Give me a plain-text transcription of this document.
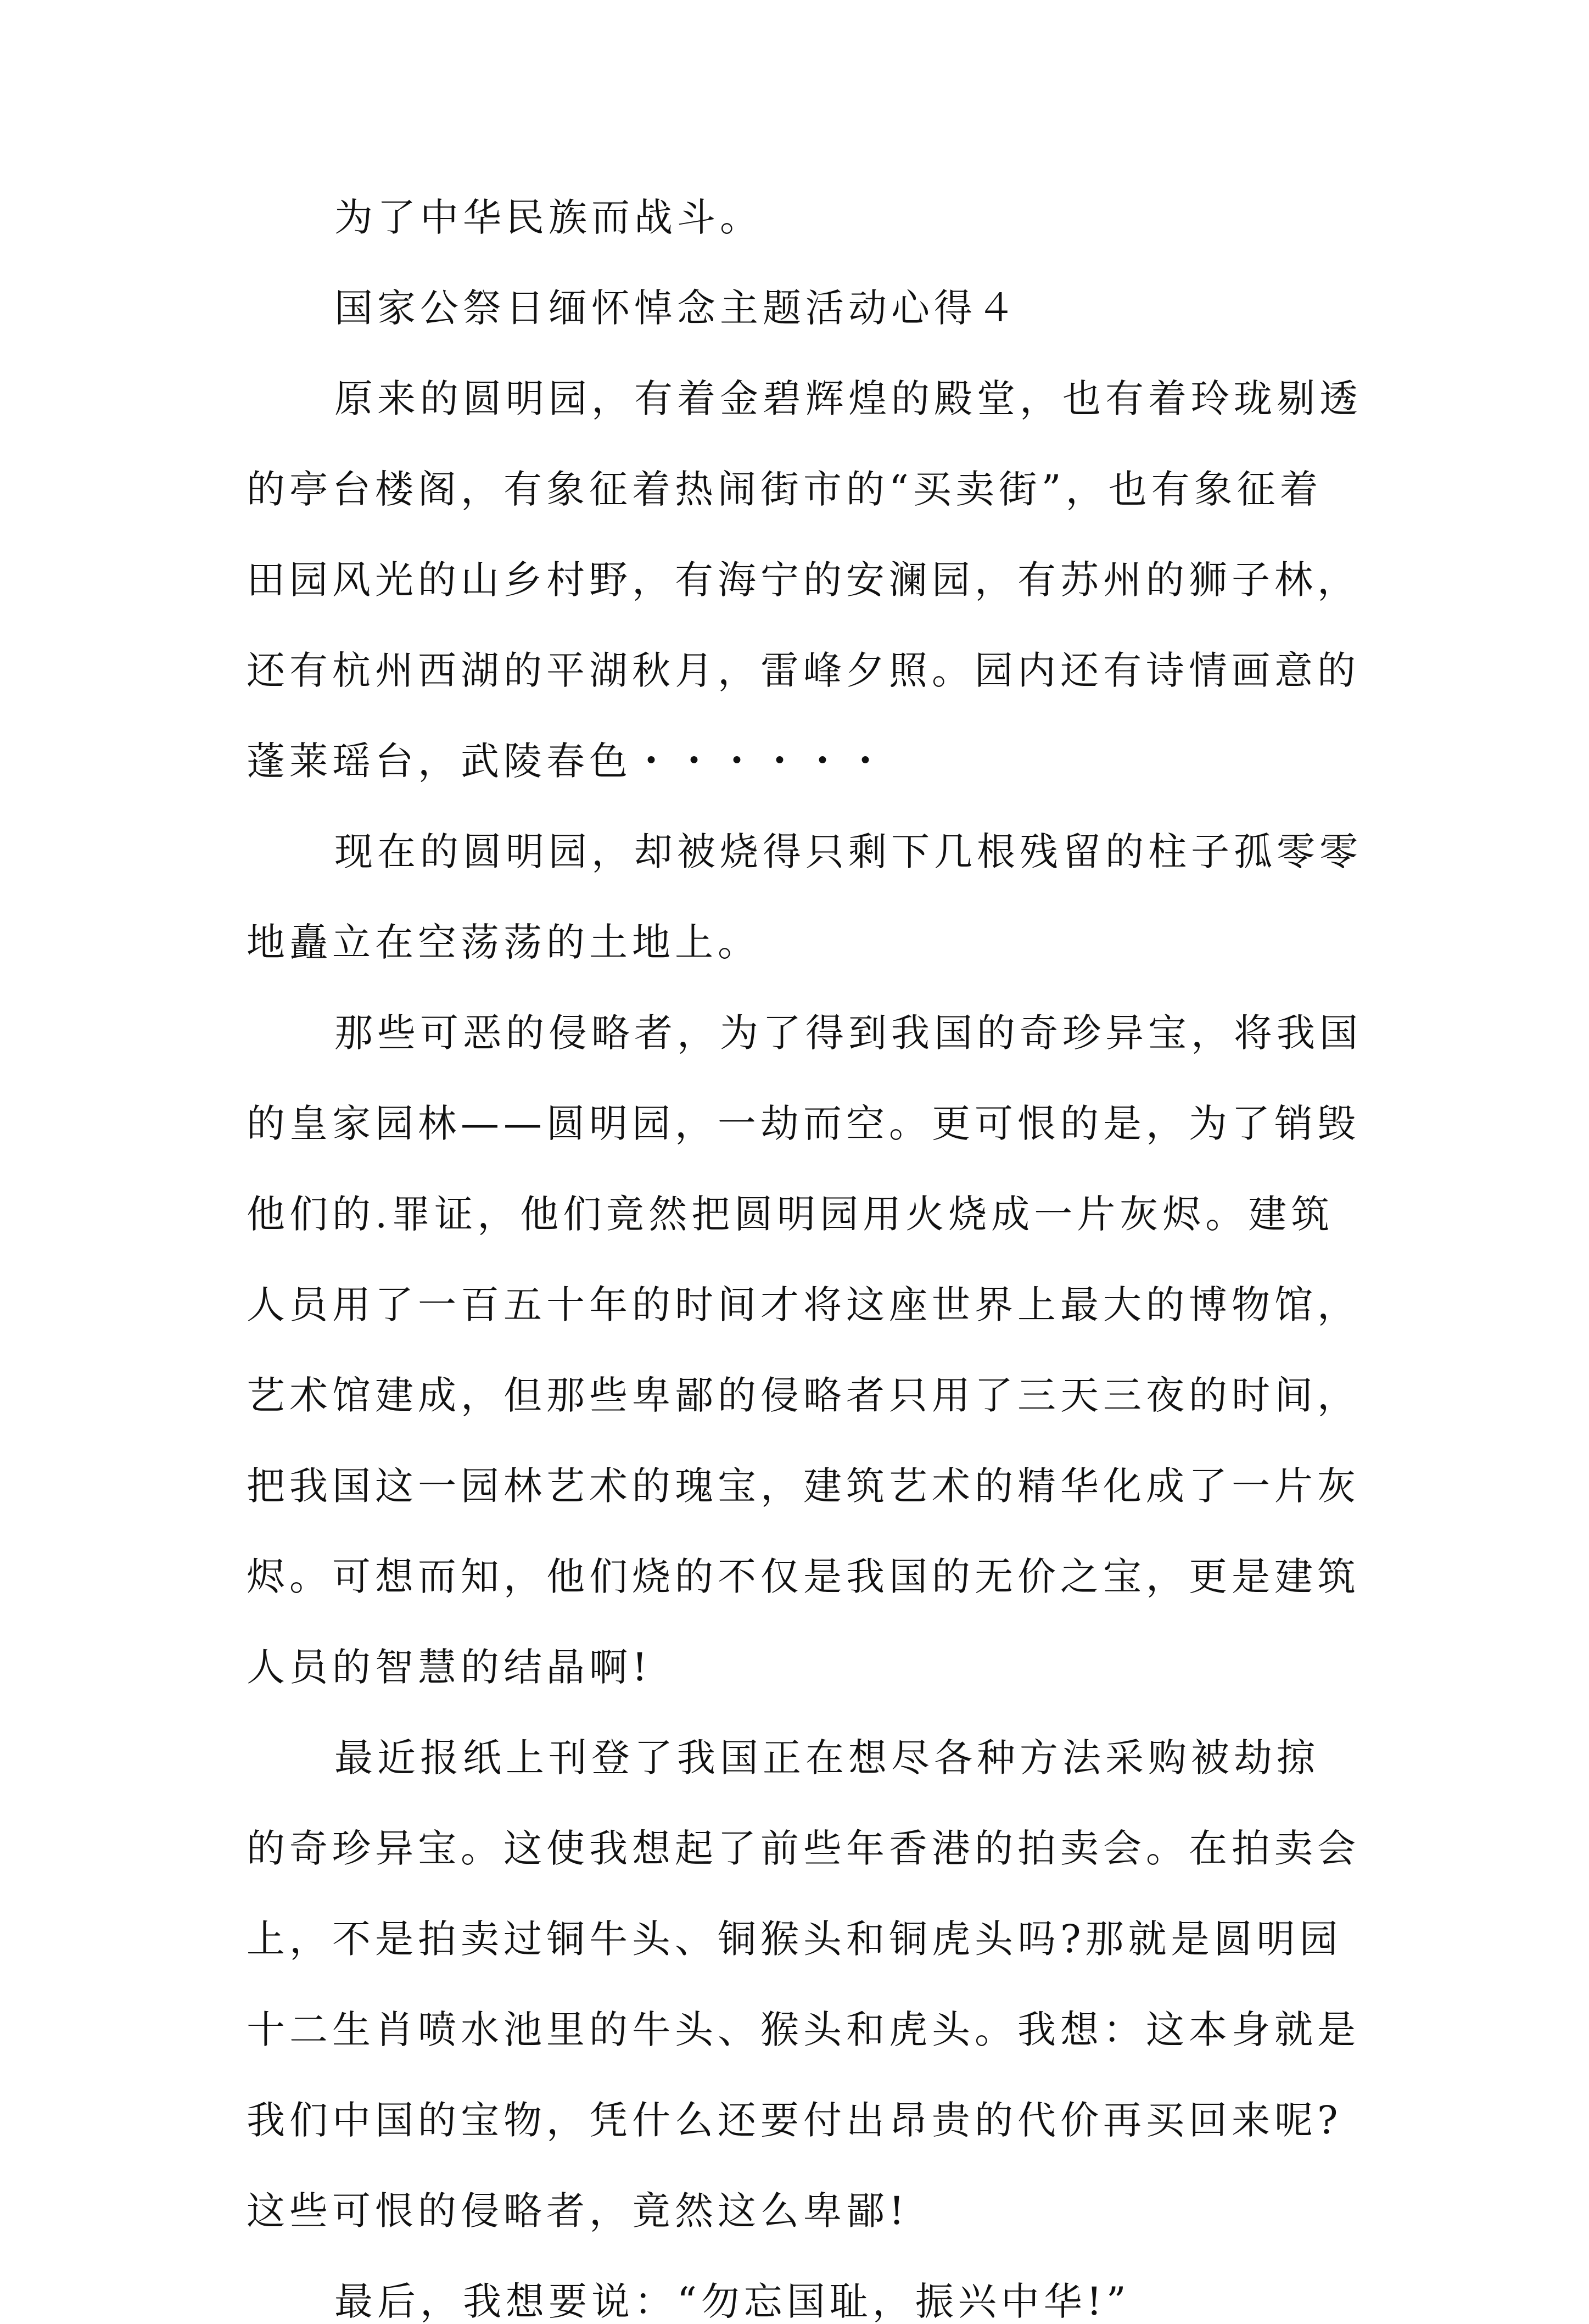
为了中华民族而战斗。

国家公祭日缅怀悼念主题活动心得４

原来的圆明园，有着金碧辉煌的殿堂，也有着玲珑剔透

的亭台楼阁，有象征着热闹街市的“买卖街”，也有象征着

田园风光的山乡村野，有海宁的安澜园，有苏州的狮子林，

还有杭州西湖的平湖秋月，雷峰夕照。园内还有诗情画意的

蓬莱瑶台，武陵春色・・・・・・

现在的圆明园，却被烧得只剩下几根残留的柱子孤零零

地矗立在空荡荡的土地上。

那些可恶的侵略者，为了得到我国的奇珍异宝，将我国

的皇家园林——圆明园，一劫而空。更可恨的是，为了销毁

他们的.罪证，他们竟然把圆明园用火烧成一片灰烬。建筑

人员用了一百五十年的时间才将这座世界上最大的博物馆，

艺术馆建成，但那些卑鄙的侵略者只用了三天三夜的时间，

把我国这一园林艺术的瑰宝，建筑艺术的精华化成了一片灰

烬。可想而知，他们烧的不仅是我国的无价之宝，更是建筑

人员的智慧的结晶啊!

最近报纸上刊登了我国正在想尽各种方法采购被劫掠

的奇珍异宝。这使我想起了前些年香港的拍卖会。在拍卖会

上，不是拍卖过铜牛头、铜猴头和铜虎头吗?那就是圆明园

十二生肖喷水池里的牛头、猴头和虎头。我想：这本身就是

我们中国的宝物，凭什么还要付出昂贵的代价再买回来呢?

这些可恨的侵略者，竟然这么卑鄙!

最后，我想要说：“勿忘国耻，振兴中华!”
